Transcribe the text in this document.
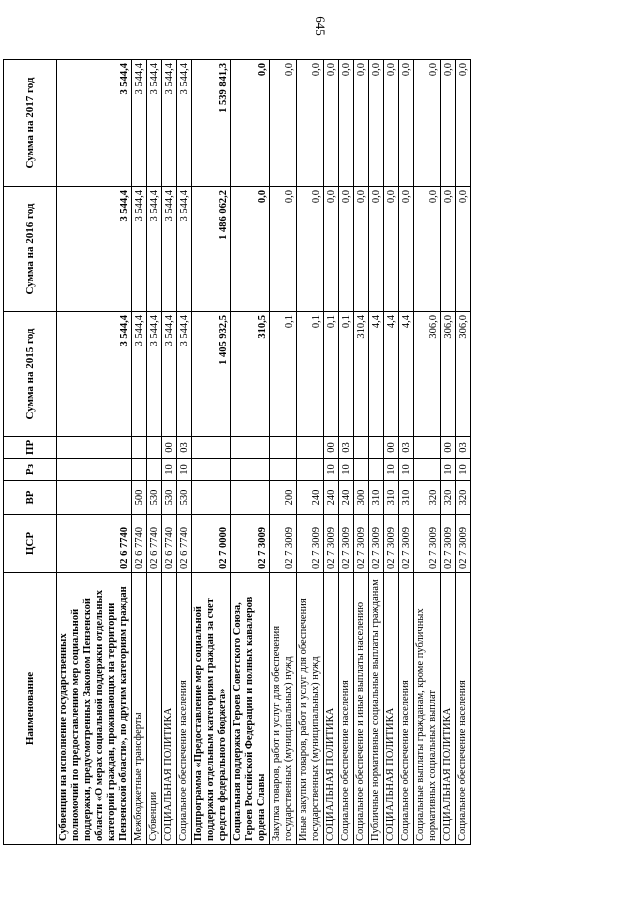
645
Наименование	ЦСР	ВР	Рз	ПР	Сумма на 2015 год	Сумма на 2016 год	Сумма на 2017 год
Субвенции на исполнение государственных полномочий по предоставлению мер социальной поддержки, предусмотренных Законом Пензенской области «О мерах социальной поддержки отдельных категорий граждан, проживающих на территории Пензенской области», по другим категориям граждан	02 6 7740				3 544,4	3 544,4	3 544,4
Межбюджетные трансферты	02 6 7740	500			3 544,4	3 544,4	3 544,4
Субвенции	02 6 7740	530			3 544,4	3 544,4	3 544,4
СОЦИАЛЬНАЯ ПОЛИТИКА	02 6 7740	530	10	00	3 544,4	3 544,4	3 544,4
Социальное обеспечение населения	02 6 7740	530	10	03	3 544,4	3 544,4	3 544,4
Подпрограмма «Предоставление мер социальной поддержки отдельным категориям граждан за счет средств федерального бюджета»	02 7 0000				1 405 932,5	1 486 062,2	1 539 841,3
Социальная поддержка Героев Советского Союза, Героев Российской Федерации и полных кавалеров ордена Славы	02 7 3009				310,5	0,0	0,0
Закупка товаров, работ и услуг для обеспечения государственных (муниципальных) нужд	02 7 3009	200			0,1	0,0	0,0
Иные закупки товаров, работ и услуг для обеспечения государственных (муниципальных) нужд	02 7 3009	240			0,1	0,0	0,0
СОЦИАЛЬНАЯ ПОЛИТИКА	02 7 3009	240	10	00	0,1	0,0	0,0
Социальное обеспечение населения	02 7 3009	240	10	03	0,1	0,0	0,0
Социальное обеспечение и иные выплаты населению	02 7 3009	300			310,4	0,0	0,0
Публичные нормативные социальные выплаты гражданам	02 7 3009	310			4,4	0,0	0,0
СОЦИАЛЬНАЯ ПОЛИТИКА	02 7 3009	310	10	00	4,4	0,0	0,0
Социальное обеспечение населения	02 7 3009	310	10	03	4,4	0,0	0,0
Социальные выплаты гражданам, кроме публичных нормативных социальных выплат	02 7 3009	320			306,0	0,0	0,0
СОЦИАЛЬНАЯ ПОЛИТИКА	02 7 3009	320	10	00	306,0	0,0	0,0
Социальное обеспечение населения	02 7 3009	320	10	03	306,0	0,0	0,0
